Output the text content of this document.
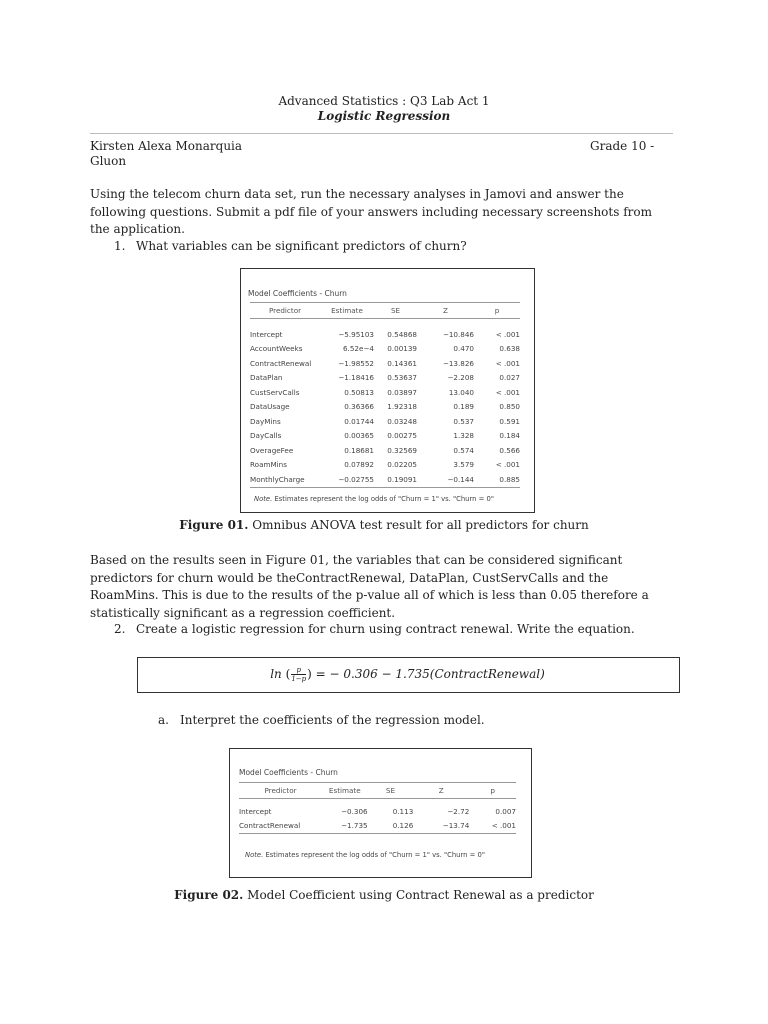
Advanced Statistics : Q3 Lab Act 1
Logistic Regression
Kirsten Alexa Monarquia
Gluon
Grade 10 -
Using the telecom churn data set, run the necessary analyses in Jamovi and answer the following questions. Submit a pdf file of your answers including necessary screenshots from the application.
1. What variables can be significant predictors of churn?
Model Coefficients - Churn
Predictor	Estimate	SE	Z	p

Intercept	−5.95103	0.54868	−10.846	< .001
AccountWeeks	6.52e−4	0.00139	0.470	0.638
ContractRenewal	−1.98552	0.14361	−13.826	< .001
DataPlan	−1.18416	0.53637	−2.208	0.027
CustServCalls	0.50813	0.03897	13.040	< .001
DataUsage	0.36366	1.92318	0.189	0.850
DayMins	0.01744	0.03248	0.537	0.591
DayCalls	0.00365	0.00275	1.328	0.184
OverageFee	0.18681	0.32569	0.574	0.566
RoamMins	0.07892	0.02205	3.579	< .001
MonthlyCharge	−0.02755	0.19091	−0.144	0.885
Note. Estimates represent the log odds of "Churn = 1" vs. "Churn = 0"
Figure 01. Omnibus ANOVA test result for all predictors for churn
Based on the results seen in Figure 01, the variables that can be considered significant predictors for churn would be theContractRenewal, DataPlan, CustServCalls and the RoamMins. This is due to the results of the p-value all of which is less than 0.05 therefore a statistically significant as a regression coefficient.
2. Create a logistic regression for churn using contract renewal. Write the equation.
ln ( $\frac{p}{1-p}$ ) = − 0.306 − 1.735(ContractRenewal)
a. Interpret the coefficients of the regression model.
Model Coefficients - Churn
Predictor	Estimate	SE	Z	p

Intercept	−0.306	0.113	−2.72	0.007
ContractRenewal	−1.735	0.126	−13.74	< .001
Note. Estimates represent the log odds of "Churn = 1" vs. "Churn = 0"
Figure 02. Model Coefficient using Contract Renewal as a predictor
